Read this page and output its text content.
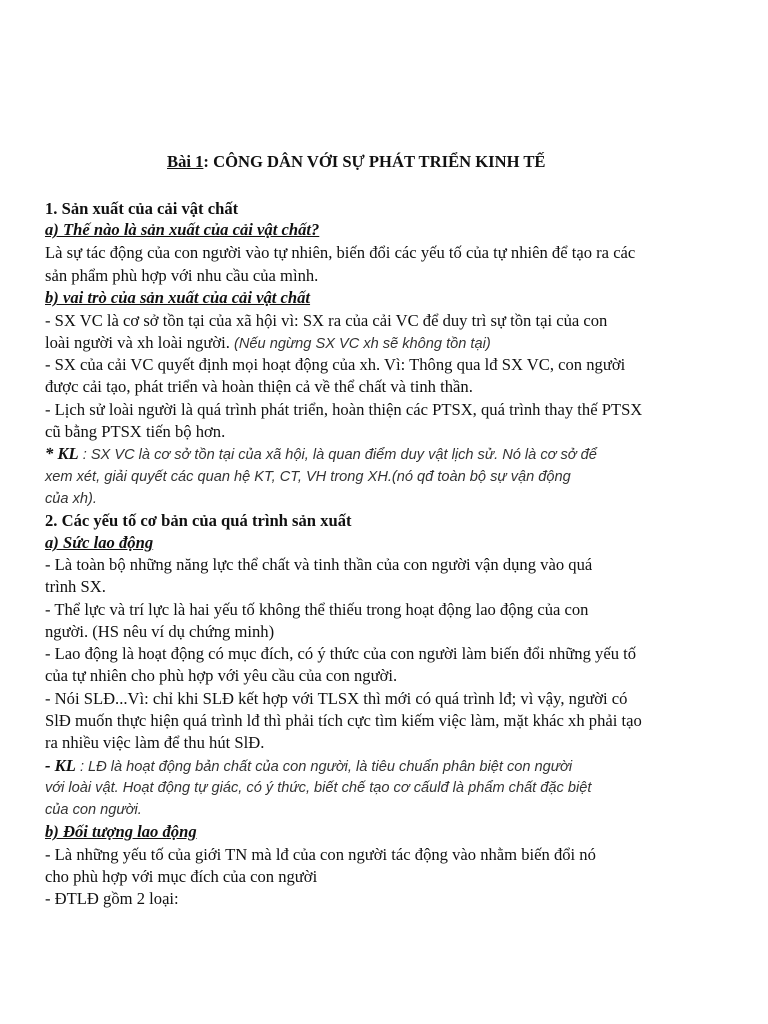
Bài 1: CÔNG DÂN VỚI SỰ PHÁT TRIỂN KINH TẾ
1. Sản xuất của cải vật chất
a) Thế nào là sản xuất của cải vật chất?
Là sự tác động của con người vào tự nhiên, biến đổi các yếu tố của tự nhiên để tạo ra các
sản phẩm phù hợp với nhu cầu của mình.
b) vai trò của sản xuất của cải vật chất
- SX VC là cơ sở tồn tại của xã hội vì: SX ra của cải VC để duy trì sự tồn tại của con
loài người và xh loài người. (Nếu ngừng SX VC xh sẽ không tồn tại)
- SX của cải VC quyết định mọi hoạt động của xh. Vì: Thông qua lđ SX VC, con người
được cải tạo, phát triển và hoàn thiện cả về thể chất và tinh thần.
- Lịch sử loài người là quá trình phát triển, hoàn thiện các PTSX, quá trình thay thế PTSX
cũ bằng PTSX tiến bộ hơn.
* KL : SX VC là cơ sở tồn tại của xã hội, là quan điểm duy vật lịch sử. Nó là cơ sở để
xem xét, giải quyết các quan hệ KT, CT, VH trong XH.(nó qđ toàn bộ sự vận động
của xh).
2. Các yếu tố cơ bản của quá trình sản xuất
a) Sức lao động
- Là toàn bộ những năng lực thể chất và tinh thần của con người vận dụng vào quá
trình SX.
- Thể lực và trí lực là hai yếu tố không thể thiếu trong hoạt động lao động của con
người. (HS nêu ví dụ chứng minh)
- Lao động là hoạt động có mục đích, có ý thức của con người làm biến đổi những yếu tố
của tự nhiên cho phù hợp với yêu cầu của con người.
- Nói SLĐ...Vì: chỉ khi SLĐ kết hợp với TLSX thì mới có quá trình lđ; vì vậy, người có
SlĐ muốn thực hiện quá trình lđ thì phải tích cực tìm kiếm việc làm, mặt khác xh phải tạo
ra nhiều việc làm để thu hút SlĐ.
- KL : LĐ là hoạt động bản chất của con người, là tiêu chuẩn phân biệt con người
với loài vật. Hoạt động tự giác, có ý thức, biết chế tạo cơ cấulđ là phẩm chất đặc biệt
của con người.
b) Đối tượng lao động
- Là những yếu tố của giới TN mà lđ của con người tác động vào nhằm biến đổi nó
cho phù hợp với mục đích của con người
- ĐTLĐ gồm 2 loại:
